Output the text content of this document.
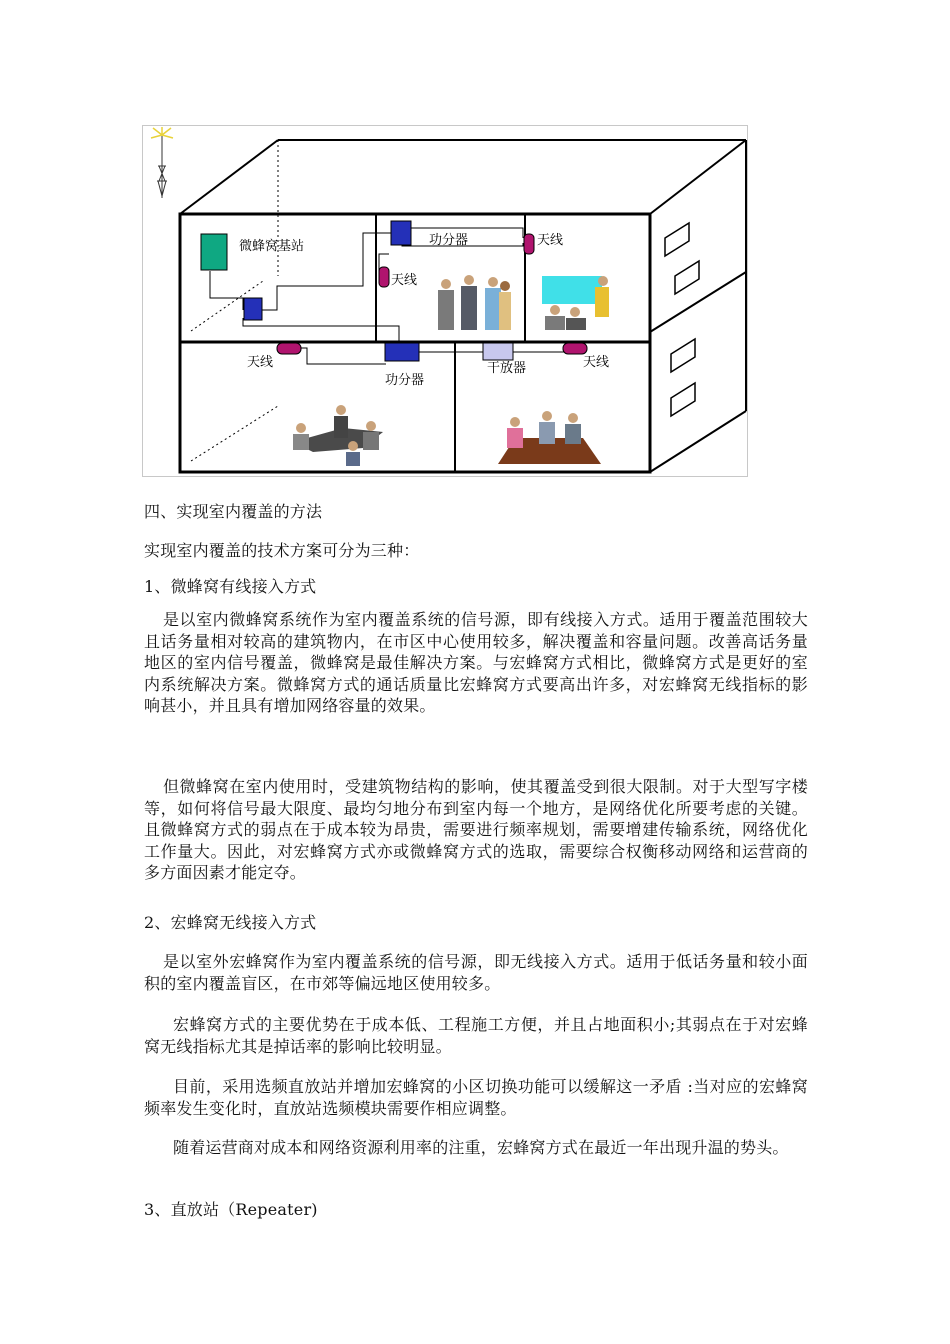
微蜂窝基站	功分器	天线
天线
天线
功分器
干放器	天线

四、实现室内覆盖的方法

实现室内覆盖的技术方案可分为三种：

1、微蜂窝有线接入方式

是以室内微蜂窝系统作为室内覆盖系统的信号源，即有线接入方式。适用于覆盖范围较大且话务量相对较高的建筑物内，在市区中心使用较多，解决覆盖和容量问题。改善高话务量地区的室内信号覆盖，微蜂窝是最佳解决方案。与宏蜂窝方式相比，微蜂窝方式是更好的室内系统解决方案。微蜂窝方式的通话质量比宏蜂窝方式要高出许多，对宏蜂窝无线指标的影响甚小，并且具有增加网络容量的效果。

但微蜂窝在室内使用时，受建筑物结构的影响，使其覆盖受到很大限制。对于大型写字楼等，如何将信号最大限度、最均匀地分布到室内每一个地方，是网络优化所要考虑的关键。且微蜂窝方式的弱点在于成本较为昂贵，需要进行频率规划，需要增建传输系统，网络优化工作量大。因此，对宏蜂窝方式亦或微蜂窝方式的选取，需要综合权衡移动网络和运营商的多方面因素才能定夺。

2、宏蜂窝无线接入方式

是以室外宏蜂窝作为室内覆盖系统的信号源，即无线接入方式。适用于低话务量和较小面积的室内覆盖盲区，在市郊等偏远地区使用较多。

宏蜂窝方式的主要优势在于成本低、工程施工方便，并且占地面积小;其弱点在于对宏蜂窝无线指标尤其是掉话率的影响比较明显。

目前，采用选频直放站并增加宏蜂窝的小区切换功能可以缓解这一矛盾 :当对应的宏蜂窝频率发生变化时，直放站选频模块需要作相应调整。

随着运营商对成本和网络资源利用率的注重，宏蜂窝方式在最近一年出现升温的势头。

3、直放站（Repeater)
